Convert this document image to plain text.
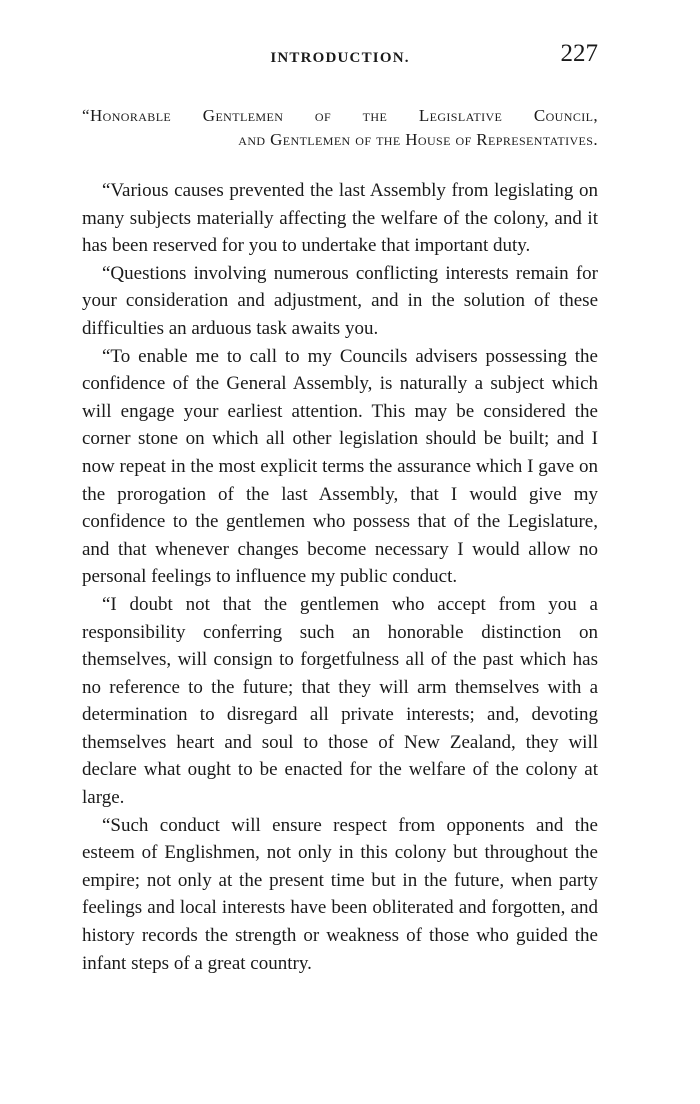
INTRODUCTION.	227
“Honorable Gentlemen of the Legislative Council,
and Gentlemen of the House of Representatives.

“Various causes prevented the last Assembly from legislating on many subjects materially affecting the welfare of the colony, and it has been reserved for you to undertake that important duty.

“Questions involving numerous conflicting interests remain for your consideration and adjustment, and in the solution of these difficulties an arduous task awaits you.

“To enable me to call to my Councils advisers possessing the confidence of the General Assembly, is naturally a subject which will engage your earliest attention. This may be considered the corner stone on which all other legislation should be built; and I now repeat in the most explicit terms the assurance which I gave on the prorogation of the last Assembly, that I would give my confidence to the gentlemen who possess that of the Legislature, and that whenever changes become necessary I would allow no personal feelings to influence my public conduct.

“I doubt not that the gentlemen who accept from you a responsibility conferring such an honorable distinction on themselves, will consign to forgetfulness all of the past which has no reference to the future; that they will arm themselves with a determination to disregard all private interests; and, devoting themselves heart and soul to those of New Zealand, they will declare what ought to be enacted for the welfare of the colony at large.

“Such conduct will ensure respect from opponents and the esteem of Englishmen, not only in this colony but throughout the empire; not only at the present time but in the future, when party feelings and local interests have been obliterated and forgotten, and history records the strength or weakness of those who guided the infant steps of a great country.
